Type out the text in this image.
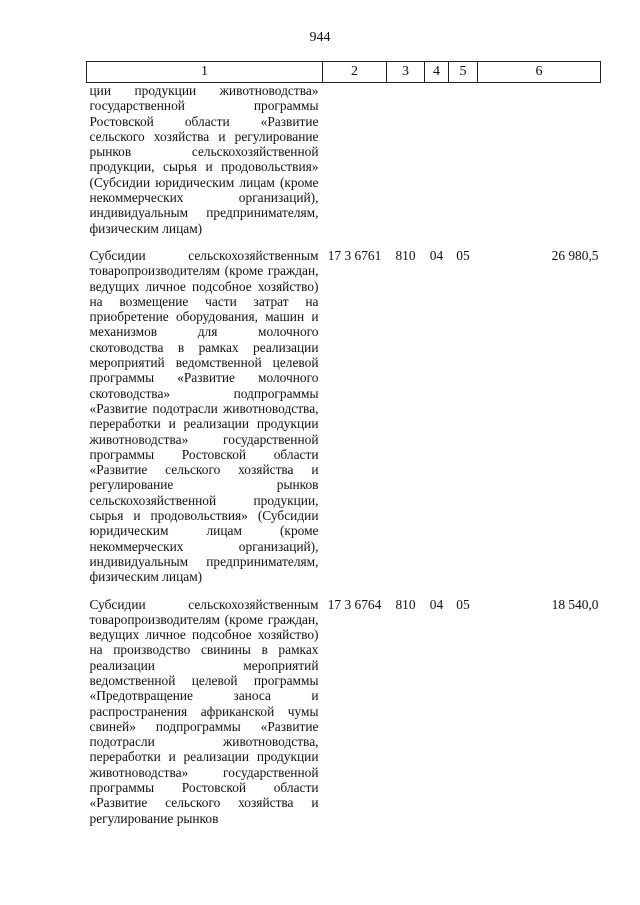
944
1	2	3	4	5	6
ции продукции животноводства» государственной программы Ростовской области «Развитие сельского хозяйства и регулирование рынков сельскохозяйственной продукции, сырья и продовольствия» (Субсидии юридическим лицам (кроме некоммерческих организаций), индивидуальным предпринимателям, физическим лицам)					
Субсидии сельскохозяйственным товаропроизводителям (кроме граждан, ведущих личное подсобное хозяйство) на возмещение части затрат на приобретение оборудования, машин и механизмов для молочного скотоводства в рамках реализации мероприятий ведомственной целевой программы «Развитие молочного скотоводства» подпрограммы «Развитие подотрасли животноводства, переработки и реализации продукции животноводства» государственной программы Ростовской области «Развитие сельского хозяйства и регулирование рынков сельскохозяйственной продукции, сырья и продовольствия» (Субсидии юридическим лицам (кроме некоммерческих организаций), индивидуальным предпринимателям, физическим лицам)	17 3 6761	810	04	05	26 980,5
Субсидии сельскохозяйственным товаропроизводителям (кроме граждан, ведущих личное подсобное хозяйство) на производство свинины в рамках реализации мероприятий ведомственной целевой программы «Предотвращение заноса и распространения африканской чумы свиней» подпрограммы «Развитие подотрасли животноводства, переработки и реализации продукции животноводства» государственной программы Ростовской области «Развитие сельского хозяйства и регулирование рынков	17 3 6764	810	04	05	18 540,0
